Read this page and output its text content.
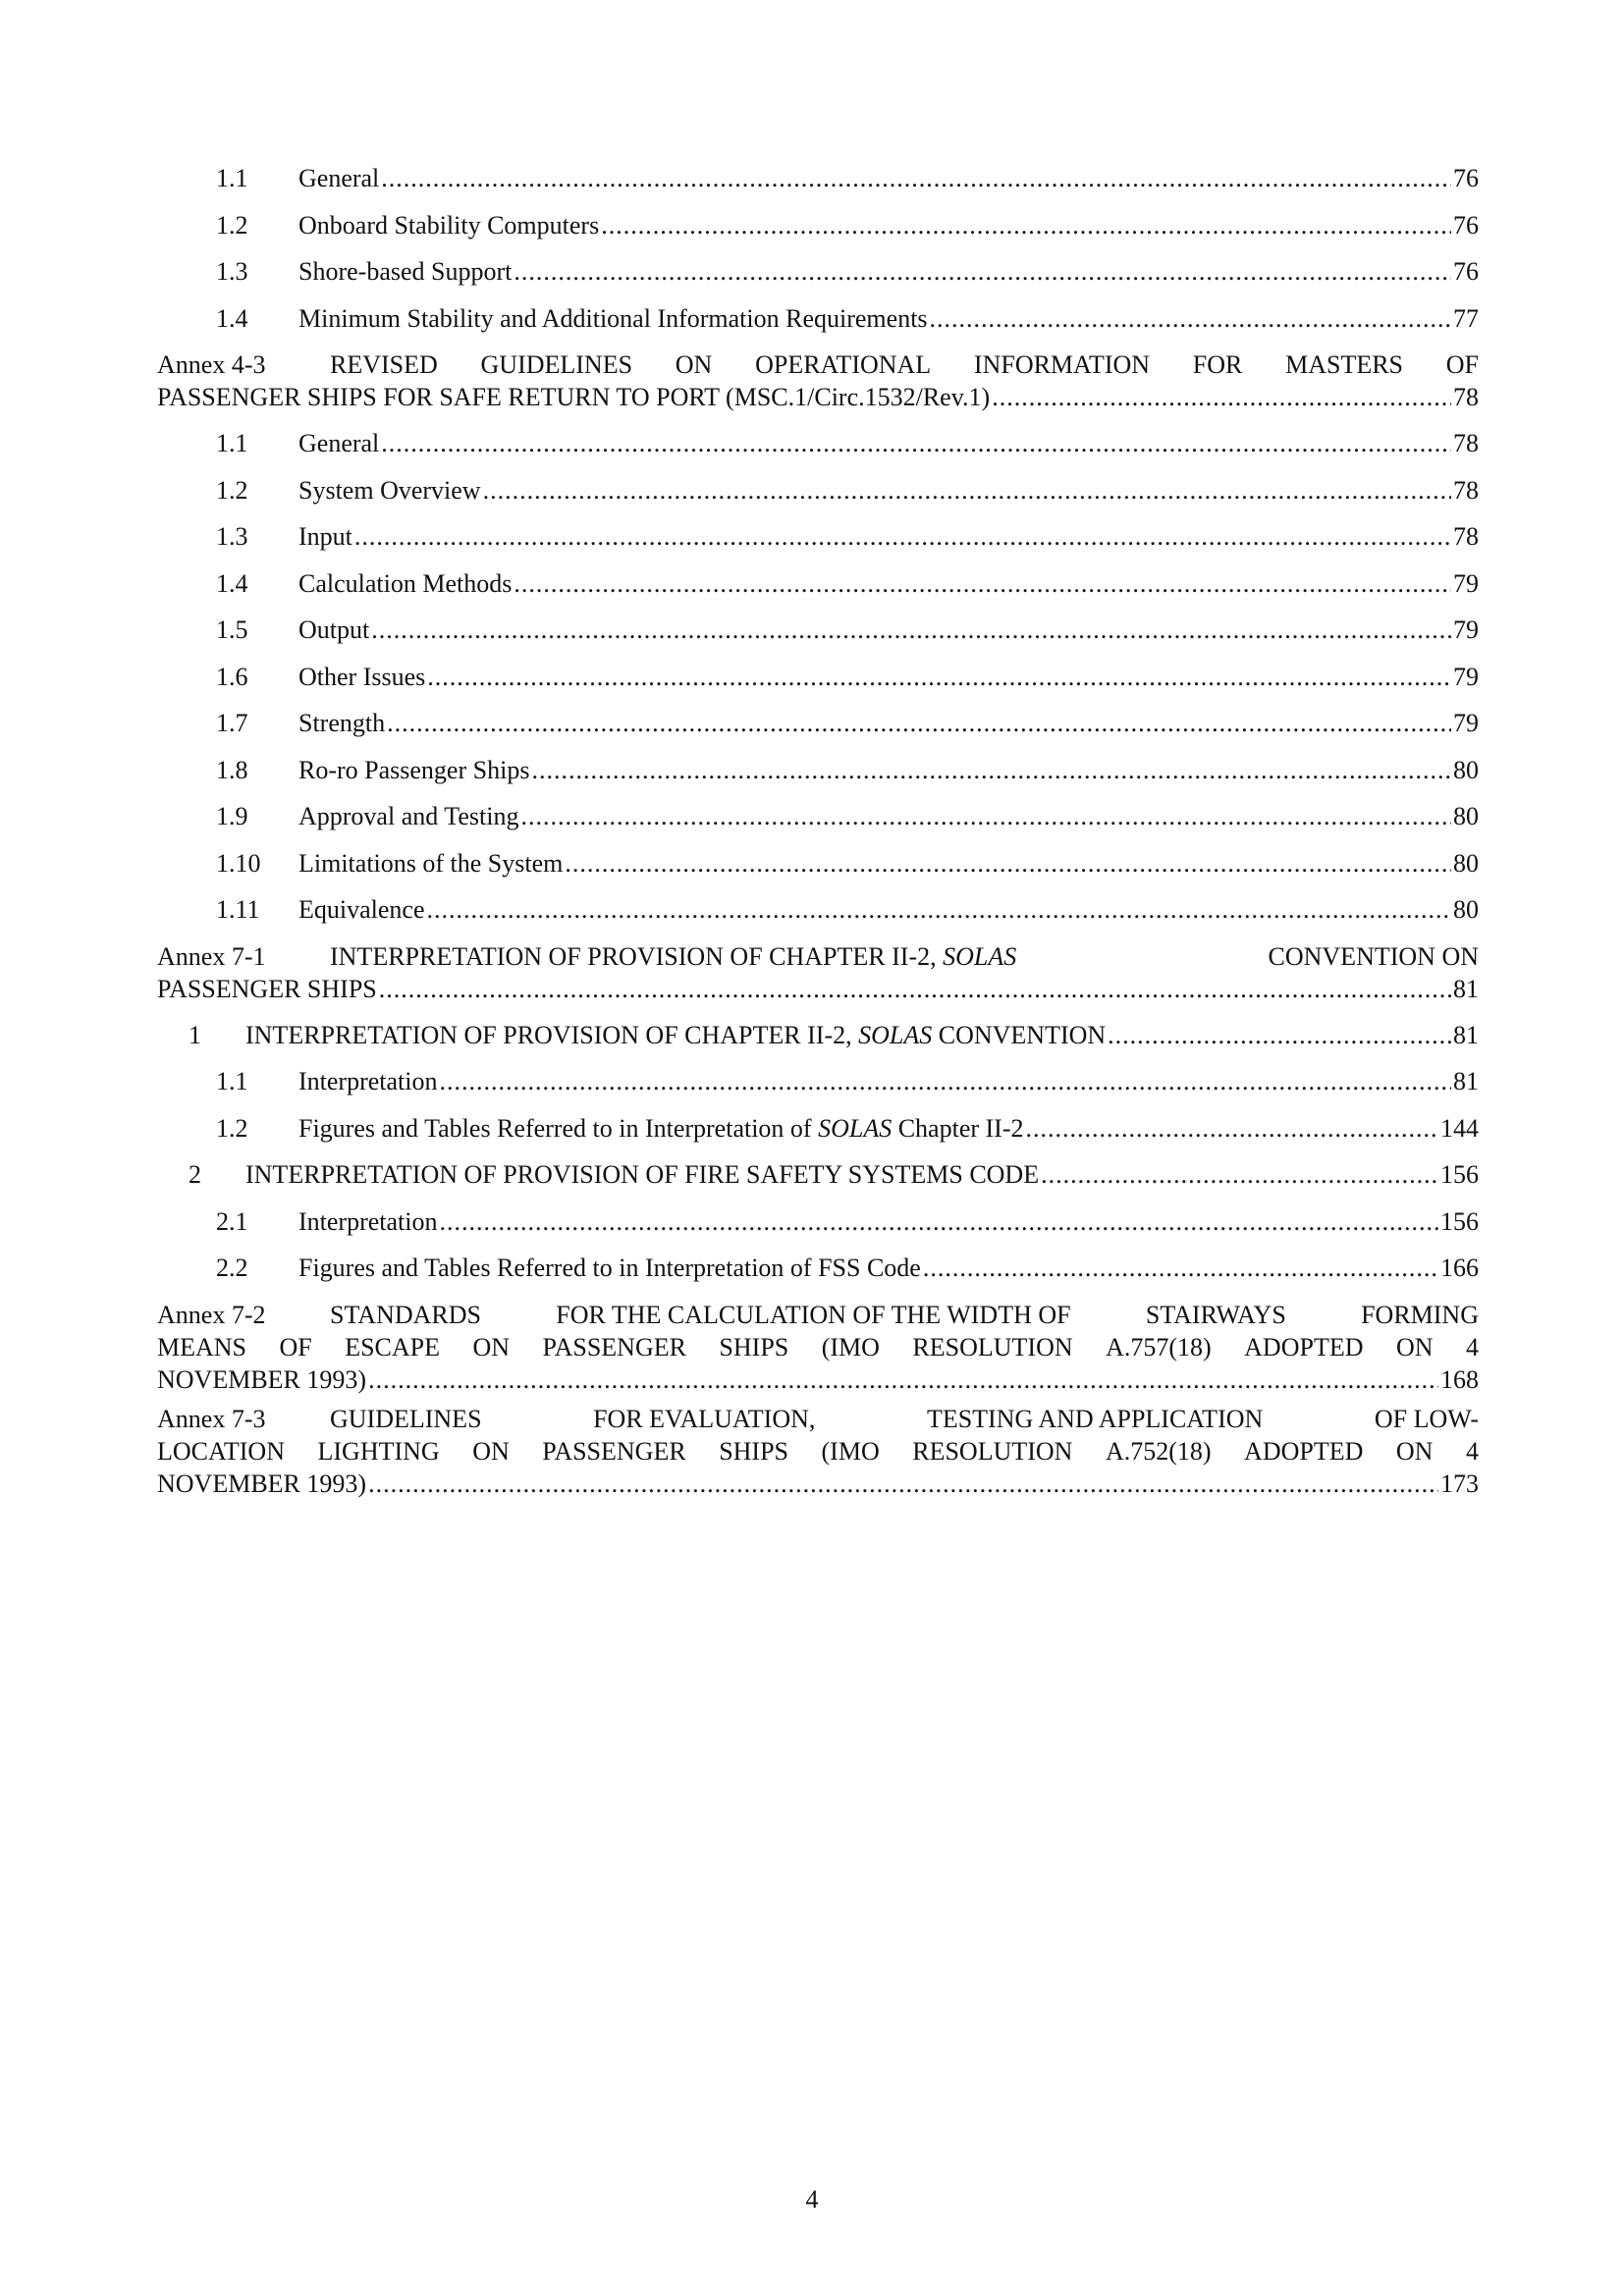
1.1	General .....	76
1.2	Onboard Stability Computers .....	76
1.3	Shore-based Support .....	76
1.4	Minimum Stability and Additional Information Requirements .....	77
Annex 4-3	REVISED GUIDELINES ON OPERATIONAL INFORMATION FOR MASTERS OF
PASSENGER SHIPS FOR SAFE RETURN TO PORT (MSC.1/Circ.1532/Rev.1) .....	78
1.1	General .....	78
1.2	System Overview .....	78
1.3	Input .....	78
1.4	Calculation Methods .....	79
1.5	Output .....	79
1.6	Other Issues .....	79
1.7	Strength .....	79
1.8	Ro-ro Passenger Ships .....	80
1.9	Approval and Testing .....	80
1.10	Limitations of the System .....	80
1.11	Equivalence .....	80
Annex 7-1	INTERPRETATION OF PROVISION OF CHAPTER II-2, SOLAS	CONVENTION ON
PASSENGER SHIPS .....	81
1	INTERPRETATION OF PROVISION OF CHAPTER II-2, SOLAS CONVENTION .....	81
1.1	Interpretation .....	81
1.2	Figures and Tables Referred to in Interpretation of SOLAS Chapter II-2 .....	144
2	INTERPRETATION OF PROVISION OF FIRE SAFETY SYSTEMS CODE .....	156
2.1	Interpretation .....	156
2.2	Figures and Tables Referred to in Interpretation of FSS Code .....	166
Annex 7-2	STANDARDS	FOR THE CALCULATION OF THE WIDTH OF	STAIRWAYS	FORMING
MEANS OF ESCAPE ON PASSENGER SHIPS (IMO RESOLUTION A.757(18) ADOPTED ON 4
NOVEMBER 1993) .....	168
Annex 7-3	GUIDELINES	FOR EVALUATION,	TESTING AND APPLICATION	OF LOW-
LOCATION LIGHTING ON PASSENGER SHIPS (IMO RESOLUTION A.752(18) ADOPTED ON 4
NOVEMBER 1993) .....	173
4
